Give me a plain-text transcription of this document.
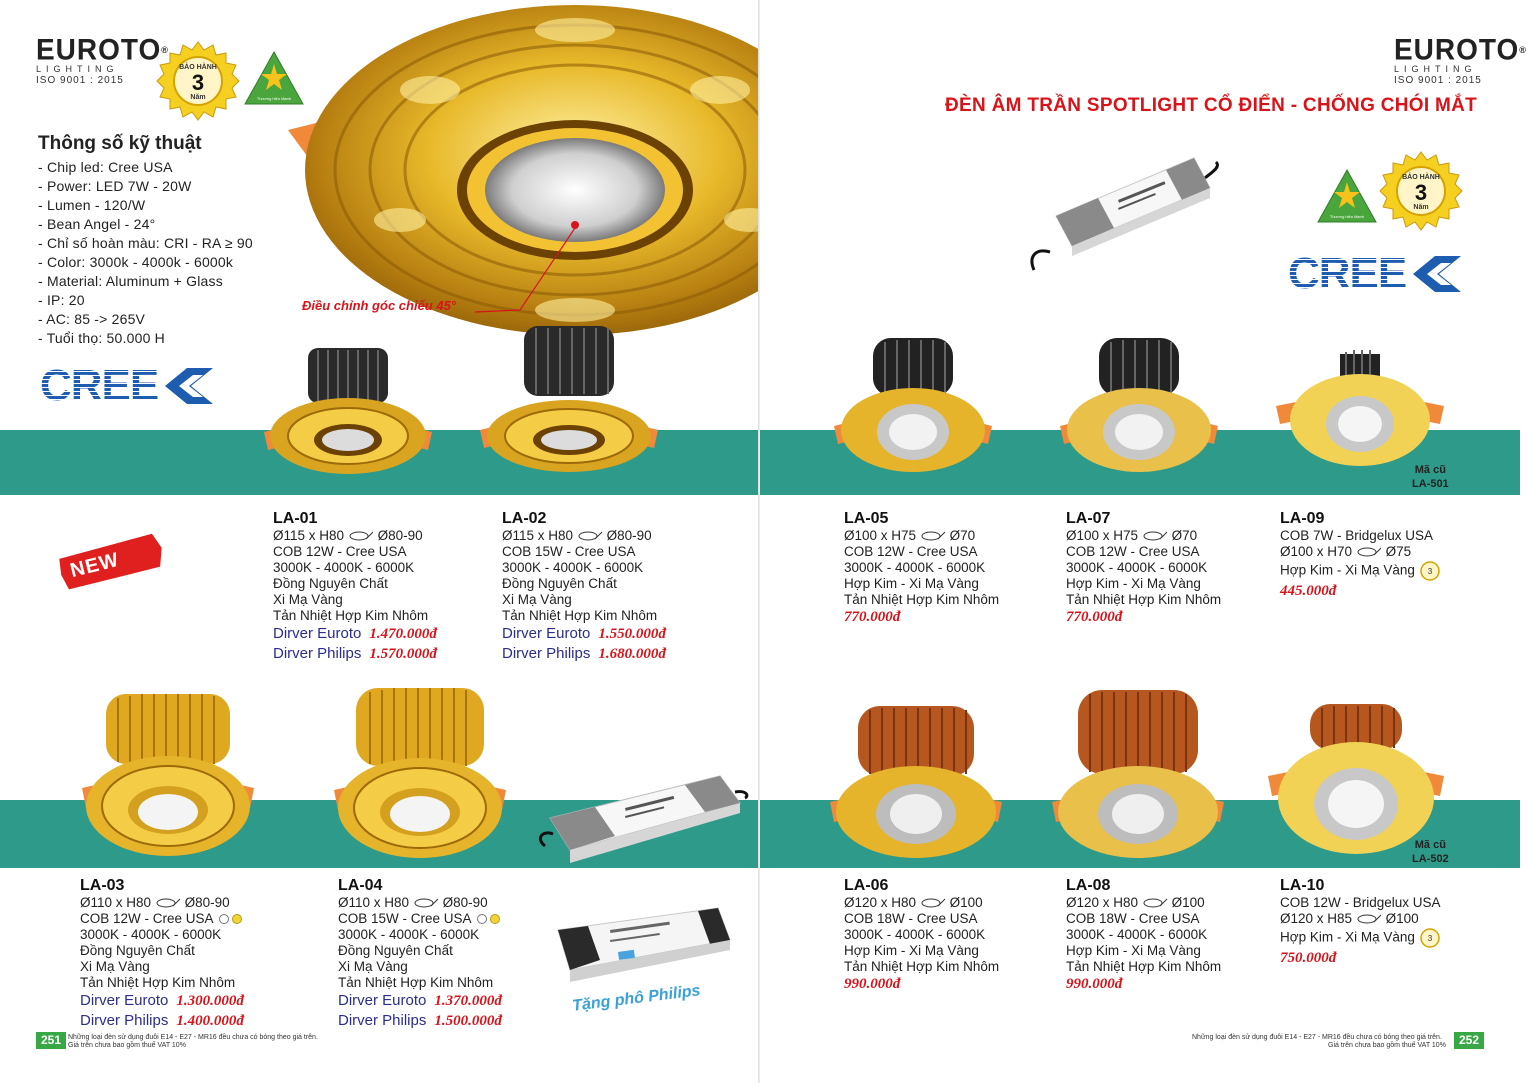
EUROTO®
LIGHTING
ISO 9001 : 2015
BẢO HÀNH
3
Năm	Thương hiệu Mạnh
Thông số kỹ thuật
- Chip led: Cree USA
- Power: LED 7W - 20W
- Lumen - 120/W
- Bean Angel - 24°
- Chỉ số hoàn màu: CRI - RA ≥ 90
- Color: 3000k - 4000k - 6000k
- Material: Aluminum + Glass
- IP: 20
- AC: 85 -> 265V
- Tuổi thọ: 50.000 H
CREE
Điều chỉnh góc chiếu 45°
NEW
LA-01
Ø115 x H80 Ø80-90
COB 12W - Cree USA
3000K - 4000K - 6000K
Đồng Nguyên Chất
Xi Mạ Vàng
Tản Nhiệt Hợp Kim Nhôm
Dirver Euroto 1.470.000đ
Dirver Philips 1.570.000đ
LA-02
Ø115 x H80 Ø80-90
COB 15W - Cree USA
3000K - 4000K - 6000K
Đồng Nguyên Chất
Xi Mạ Vàng
Tản Nhiệt Hợp Kim Nhôm
Dirver Euroto 1.550.000đ
Dirver Philips 1.680.000đ
Tặng phô Philips
LA-03
Ø110 x H80 Ø80-90
COB 12W - Cree USA
3000K - 4000K - 6000K
Đồng Nguyên Chất
Xi Mạ Vàng
Tản Nhiệt Hợp Kim Nhôm
Dirver Euroto 1.300.000đ
Dirver Philips 1.400.000đ
LA-04
Ø110 x H80 Ø80-90
COB 15W - Cree USA
3000K - 4000K - 6000K
Đồng Nguyên Chất
Xi Mạ Vàng
Tản Nhiệt Hợp Kim Nhôm
Dirver Euroto 1.370.000đ
Dirver Philips 1.500.000đ
251 Những loại đèn sử dụng đuôi E14 - E27 - MR16 đều chưa có bóng theo giá trên.
Giá trên chưa bao gồm thuế VAT 10%
EUROTO®
LIGHTING
ISO 9001 : 2015
ĐÈN ÂM TRẦN SPOTLIGHT CỔ ĐIỂN - CHỐNG CHÓI MẮT
Thương hiệu Mạnh
BẢO HÀNH
3
Năm
CREE
Mã cũ
LA-501
LA-05
Ø100 x H75 Ø70
COB 12W - Cree USA
3000K - 4000K - 6000K
Hợp Kim - Xi Mạ Vàng
Tản Nhiệt Hợp Kim Nhôm
770.000đ
LA-07
Ø100 x H75 Ø70
COB 12W - Cree USA
3000K - 4000K - 6000K
Hợp Kim - Xi Mạ Vàng
Tản Nhiệt Hợp Kim Nhôm
770.000đ
LA-09
COB 7W - Bridgelux USA
Ø100 x H70 Ø75
Hợp Kim - Xi Mạ Vàng 3
445.000đ
Mã cũ
LA-502
LA-06
Ø120 x H80 Ø100
COB 18W - Cree USA
3000K - 4000K - 6000K
Hợp Kim - Xi Mạ Vàng
Tản Nhiệt Hợp Kim Nhôm
990.000đ
LA-08
Ø120 x H80 Ø100
COB 18W - Cree USA
3000K - 4000K - 6000K
Hợp Kim - Xi Mạ Vàng
Tản Nhiệt Hợp Kim Nhôm
990.000đ
LA-10
COB 12W - Bridgelux USA
Ø120 x H85 Ø100
Hợp Kim - Xi Mạ Vàng 3
750.000đ
Những loại đèn sử dụng đuôi E14 - E27 - MR16 đều chưa có bóng theo giá trên.
Giá trên chưa bao gồm thuế VAT 10%	252
